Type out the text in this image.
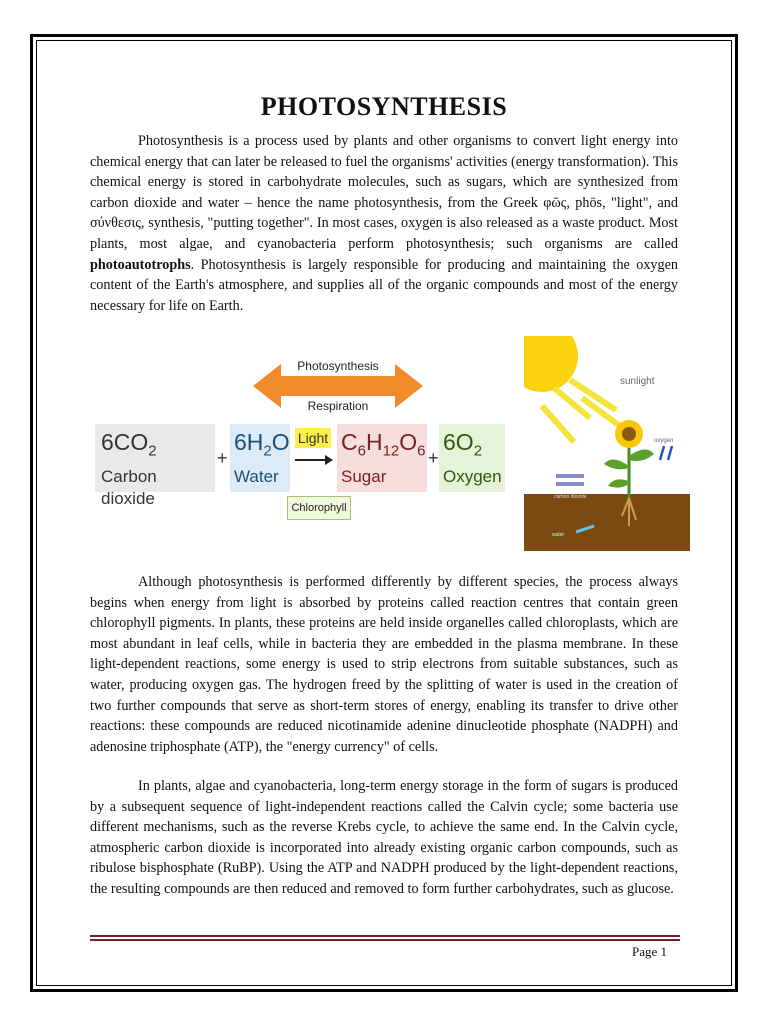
PHOTOSYNTHESIS

Photosynthesis is a process used by plants and other organisms to convert light energy into chemical energy that can later be released to fuel the organisms' activities (energy transformation). This chemical energy is stored in carbohydrate molecules, such as sugars, which are synthesized from carbon dioxide and water – hence the name photosynthesis, from the Greek φῶς, phōs, "light", and σύνθεσις, synthesis, "putting together". In most cases, oxygen is also released as a waste product. Most plants, most algae, and cyanobacteria perform photosynthesis; such organisms are called photoautotrophs. Photosynthesis is largely responsible for producing and maintaining the oxygen content of the Earth's atmosphere, and supplies all of the organic compounds and most of the energy necessary for life on Earth.

Although photosynthesis is performed differently by different species, the process always begins when energy from light is absorbed by proteins called reaction centres that contain green chlorophyll pigments. In plants, these proteins are held inside organelles called chloroplasts, which are most abundant in leaf cells, while in bacteria they are embedded in the plasma membrane. In these light-dependent reactions, some energy is used to strip electrons from suitable substances, such as water, producing oxygen gas. The hydrogen freed by the splitting of water is used in the creation of two further compounds that serve as short-term stores of energy, enabling its transfer to drive other reactions: these compounds are reduced nicotinamide adenine dinucleotide phosphate (NADPH) and adenosine triphosphate (ATP), the "energy currency" of cells.

In plants, algae and cyanobacteria, long-term energy storage in the form of sugars is produced by a subsequent sequence of light-independent reactions called the Calvin cycle; some bacteria use different mechanisms, such as the reverse Krebs cycle, to achieve the same end. In the Calvin cycle, atmospheric carbon dioxide is incorporated into already existing organic carbon compounds, such as ribulose bisphosphate (RuBP). Using the ATP and NADPH produced by the light-dependent reactions, the resulting compounds are then reduced and removed to form further carbohydrates, such as glucose.

Photosynthesis
Respiration
$6CO_2$
Carbon dioxide
+
$6H_2O$
Water
Light $C_6H_{12}O_6$
Sugar
+
$6O_2$
Oxygen
Chlorophyll
sunlight
oxygen
carbon dioxide
water
Page 1
